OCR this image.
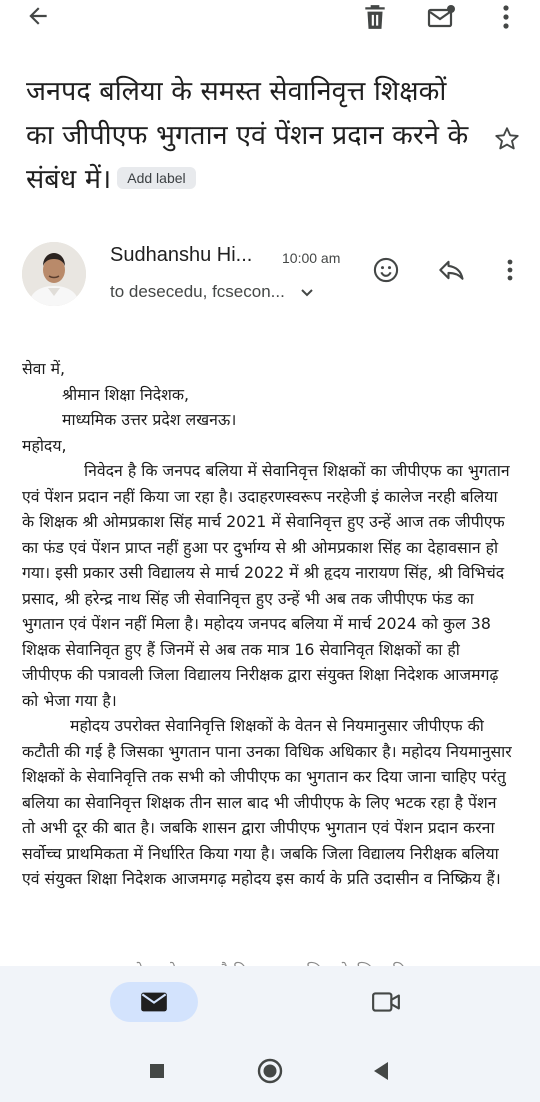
जनपद बलिया के समस्त सेवानिवृत्त शिक्षकों का जीपीएफ भुगतान एवं पेंशन प्रदान करने के संबंध में। Add label
Sudhanshu Hi... 10:00 am
to desecedu, fcsecon...

सेवा में,

श्रीमान शिक्षा निदेशक,

माध्यमिक उत्तर प्रदेश लखनऊ।

महोदय,

निवेदन है कि जनपद बलिया में सेवानिवृत्त शिक्षकों का जीपीएफ का भुगतान एवं पेंशन प्रदान नहीं किया जा रहा है। उदाहरणस्वरूप नरहेजी इं कालेज नरही बलिया के शिक्षक श्री ओमप्रकाश सिंह मार्च 2021 में सेवानिवृत्त हुए उन्हें आज तक जीपीएफ का फंड एवं पेंशन प्राप्त नहीं हुआ पर दुर्भाग्य से श्री ओमप्रकाश सिंह का देहावसान हो गया। इसी प्रकार उसी विद्यालय से मार्च 2022 में श्री हृदय नारायण सिंह, श्री विभिचंद प्रसाद, श्री हरेन्द्र नाथ सिंह जी सेवानिवृत्त हुए उन्हें भी अब तक जीपीएफ फंड का भुगतान एवं पेंशन नहीं मिला है। महोदय जनपद बलिया में मार्च 2024 को कुल 38 शिक्षक सेवानिवृत हुए हैं जिनमें से अब तक मात्र 16 सेवानिवृत शिक्षकों का ही जीपीएफ की पत्रावली जिला विद्यालय निरीक्षक द्वारा संयुक्त शिक्षा निदेशक आजमगढ़ को भेजा गया है।

महोदय उपरोक्त सेवानिवृत्ति शिक्षकों के वेतन से नियमानुसार जीपीएफ की कटौती की गई है जिसका भुगतान पाना उनका विधिक अधिकार है। महोदय नियमानुसार शिक्षकों के सेवानिवृत्ति तक सभी को जीपीएफ का भुगतान कर दिया जाना चाहिए परंतु बलिया का सेवानिवृत्त शिक्षक तीन साल बाद भी जीपीएफ के लिए भटक रहा है पेंशन तो अभी दूर की बात है। जबकि शासन द्वारा जीपीएफ भुगतान एवं पेंशन प्रदान करना सर्वोच्च प्राथमिकता में निर्धारित किया गया है। जबकि जिला विद्यालय निरीक्षक बलिया एवं संयुक्त शिक्षा निदेशक आजमगढ़ महोदय इस कार्य के प्रति उदासीन व निष्क्रिय हैं।
